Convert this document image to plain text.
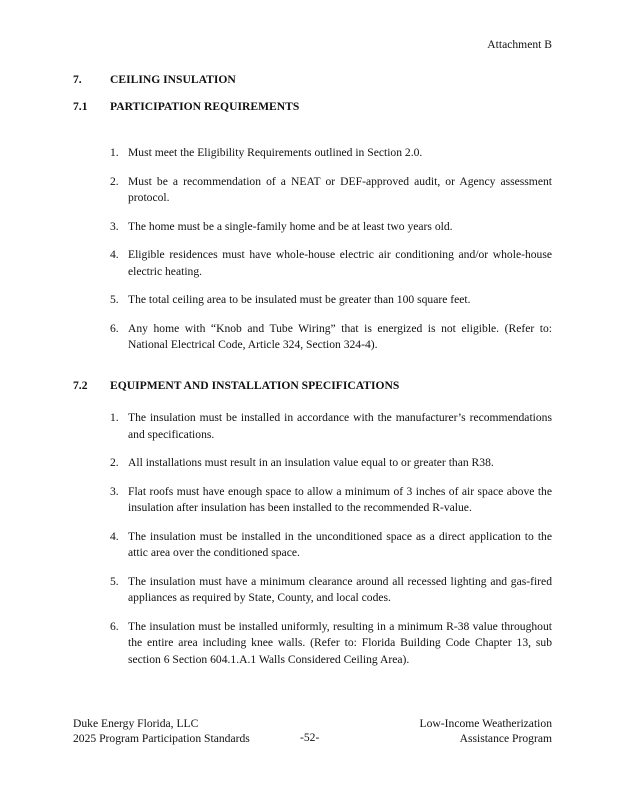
Attachment B
7. CEILING INSULATION
7.1 PARTICIPATION REQUIREMENTS
1. Must meet the Eligibility Requirements outlined in Section 2.0.
2. Must be a recommendation of a NEAT or DEF-approved audit, or Agency assessment protocol.
3. The home must be a single-family home and be at least two years old.
4. Eligible residences must have whole-house electric air conditioning and/or whole-house electric heating.
5. The total ceiling area to be insulated must be greater than 100 square feet.
6. Any home with “Knob and Tube Wiring” that is energized is not eligible. (Refer to: National Electrical Code, Article 324, Section 324-4).
7.2 EQUIPMENT AND INSTALLATION SPECIFICATIONS
1. The insulation must be installed in accordance with the manufacturer’s recommendations and specifications.
2. All installations must result in an insulation value equal to or greater than R38.
3. Flat roofs must have enough space to allow a minimum of 3 inches of air space above the insulation after insulation has been installed to the recommended R-value.
4. The insulation must be installed in the unconditioned space as a direct application to the attic area over the conditioned space.
5. The insulation must have a minimum clearance around all recessed lighting and gas-fired appliances as required by State, County, and local codes.
6. The insulation must be installed uniformly, resulting in a minimum R-38 value throughout the entire area including knee walls. (Refer to: Florida Building Code Chapter 13, sub section 6 Section 604.1.A.1 Walls Considered Ceiling Area).
Duke Energy Florida, LLC
2025 Program Participation Standards	-52-
Low-Income Weatherization
Assistance Program
